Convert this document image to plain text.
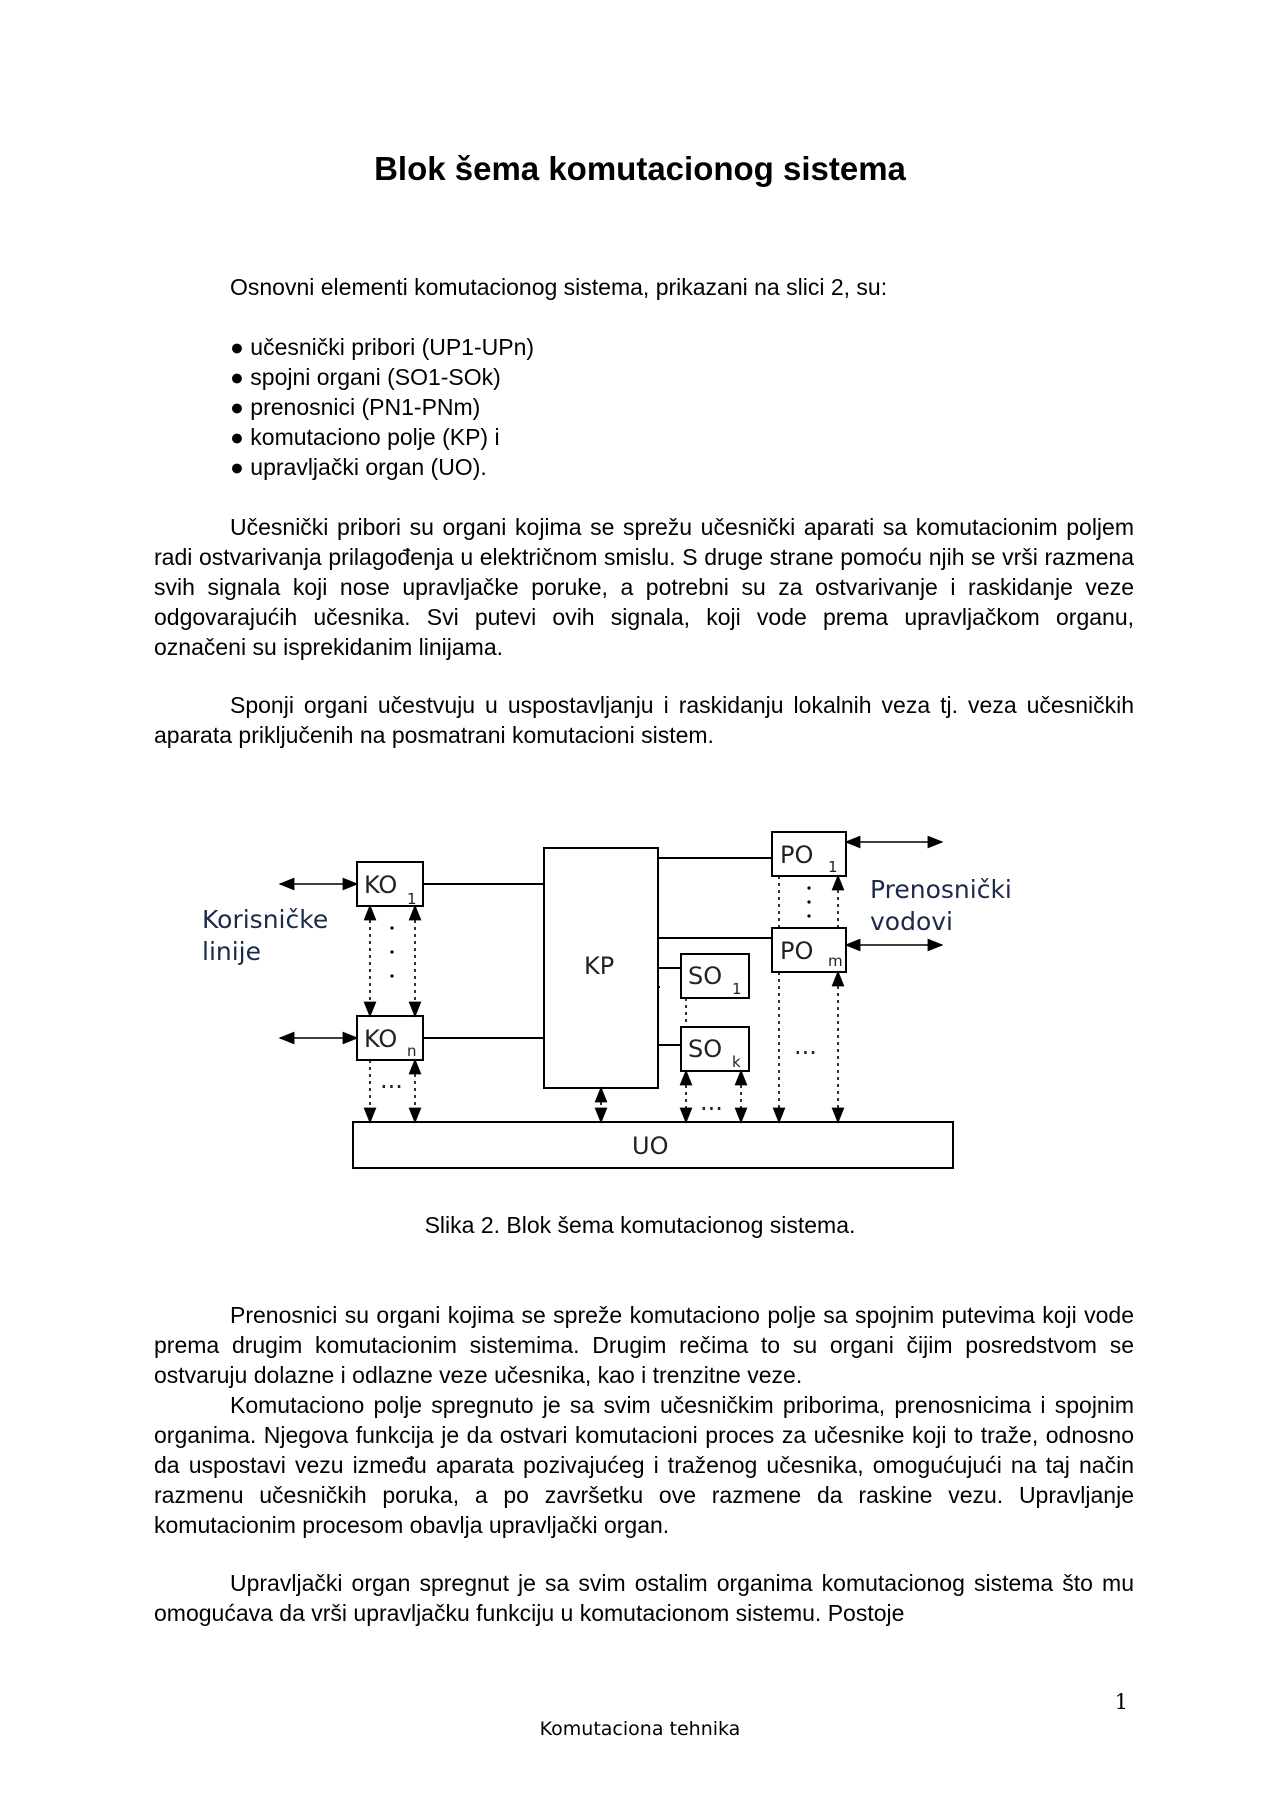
Blok šema komutacionog sistema
Osnovni elementi komutacionog sistema, prikazani na slici 2, su:
● učesnički pribori (UP1-UPn)
● spojni organi (SO1-SOk)
● prenosnici (PN1-PNm)
● komutaciono polje (KP) i
● upravljački organ (UO).

Učesnički pribori su organi kojima se sprežu učesnički aparati sa komutacionim poljem radi ostvarivanja prilagođenja u električnom smislu. S druge strane pomoću njih se vrši razmena svih signala koji nose upravljačke poruke, a potrebni su za ostvarivanje i raskidanje veze odgovarajućih učesnika. Svi putevi ovih signala, koji vode prema upravljačkom organu, označeni su isprekidanim linijama.

Sponji organi učestvuju u uspostavljanju i raskidanju lokalnih veza tj. veza učesničkih aparata priključenih na posmatrani komutacioni sistem.

UO
KP
KO 1
KO n
SO 1
SO k
PO 1
PO m
...
...
...
Korisničke
linije
Prenosnički
vodovi
Slika 2. Blok šema komutacionog sistema.

Prenosnici su organi kojima se sprežе komutaciono polje sa spojnim putevima koji vode prema drugim komutacionim sistemima. Drugim rečima to su organi čijim posredstvom se ostvaruju dolazne i odlazne veze učesnika, kao i trenzitne veze.

Komutaciono polje spregnuto je sa svim učesničkim priborima, prenosnicima i spojnim organima. Njegova funkcija je da ostvari komutacioni proces za učesnike koji to traže, odnosno da uspostavi vezu između aparata pozivajućeg i traženog učesnika, omogućujući na taj način razmenu učesničkih poruka, a po završetku ove razmene da raskine vezu. Upravljanje komutacionim procesom obavlja upravljački organ.

Upravljački organ spregnut je sa svim ostalim organima komutacionog sistema što mu omogućava da vrši upravljačku funkciju u komutacionom sistemu. Postoje

1
Komutaciona tehnika
